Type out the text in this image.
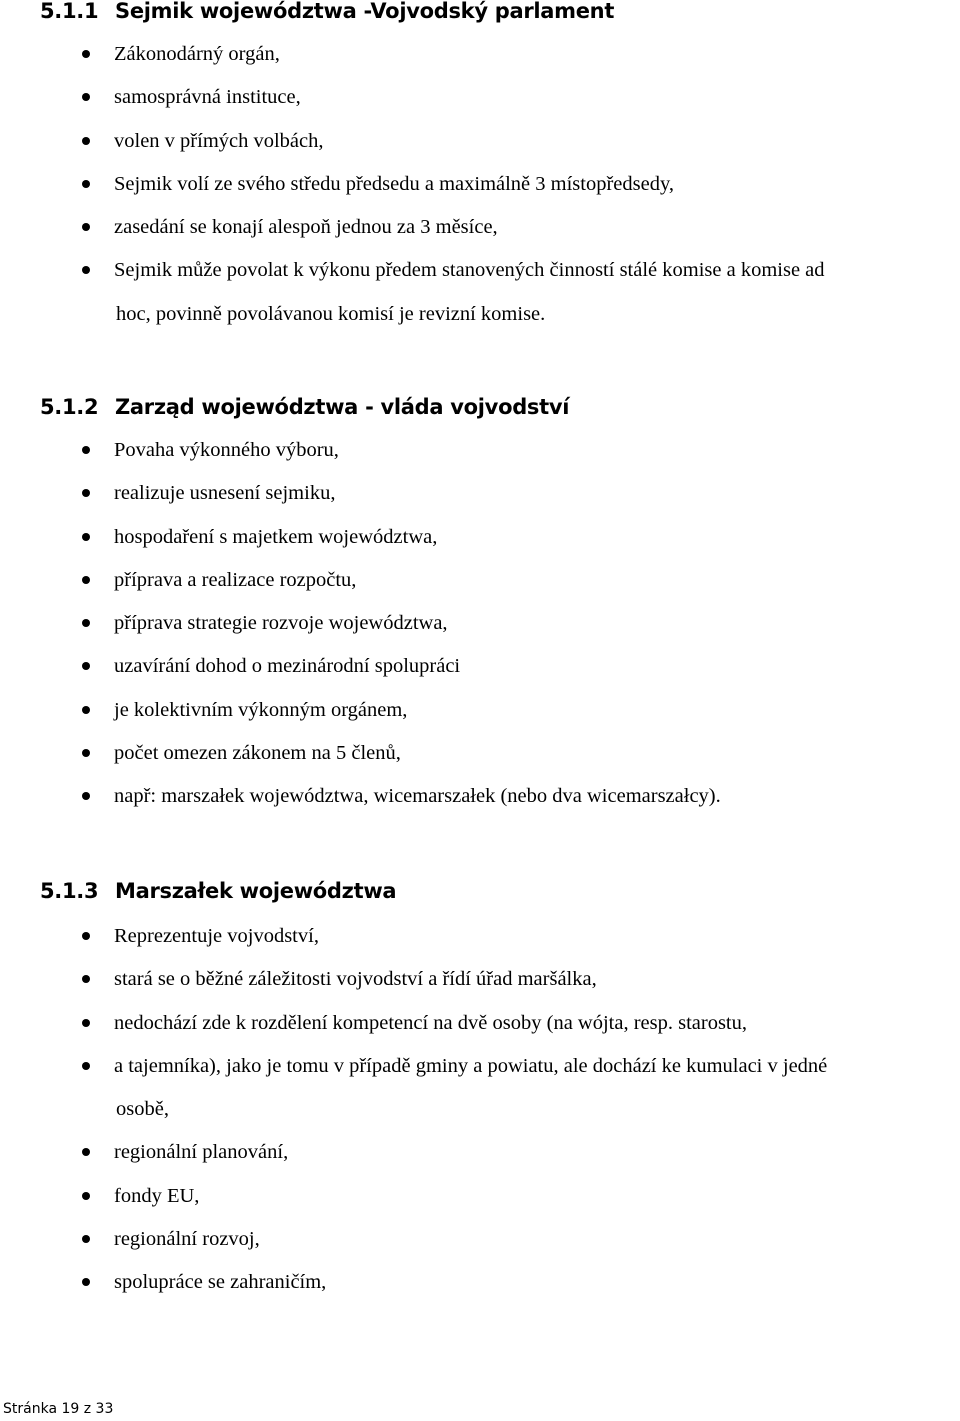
5.1.1 Sejmik województwa -Vojvodský parlament
Zákonodárný orgán,
samosprávná instituce,
volen v přímých volbách,
Sejmik volí ze svého středu předsedu a maximálně 3 místopředsedy,
zasedání se konají alespoň jednou za 3 měsíce,
Sejmik může povolat k výkonu předem stanovených činností stálé komise a komise ad
hoc, povinně povolávanou komisí je revizní komise.
5.1.2 Zarząd województwa - vláda vojvodství
Povaha výkonného výboru,
realizuje usnesení sejmiku,
hospodaření s majetkem województwa,
příprava a realizace rozpočtu,
příprava strategie rozvoje województwa,
uzavírání dohod o mezinárodní spolupráci
je kolektivním výkonným orgánem,
počet omezen zákonem na 5 členů,
např: marszałek województwa, wicemarszałek (nebo dva wicemarszałcy).
5.1.3 Marszałek województwa
Reprezentuje vojvodství,
stará se o běžné záležitosti vojvodství a řídí úřad maršálka,
nedochází zde k rozdělení kompetencí na dvě osoby (na wójta, resp. starostu,
a tajemníka), jako je tomu v případě gminy a powiatu, ale dochází ke kumulaci v jedné
osobě,
regionální planování,
fondy EU,
regionální rozvoj,
spolupráce se zahraničím,
Stránka 19 z 33
